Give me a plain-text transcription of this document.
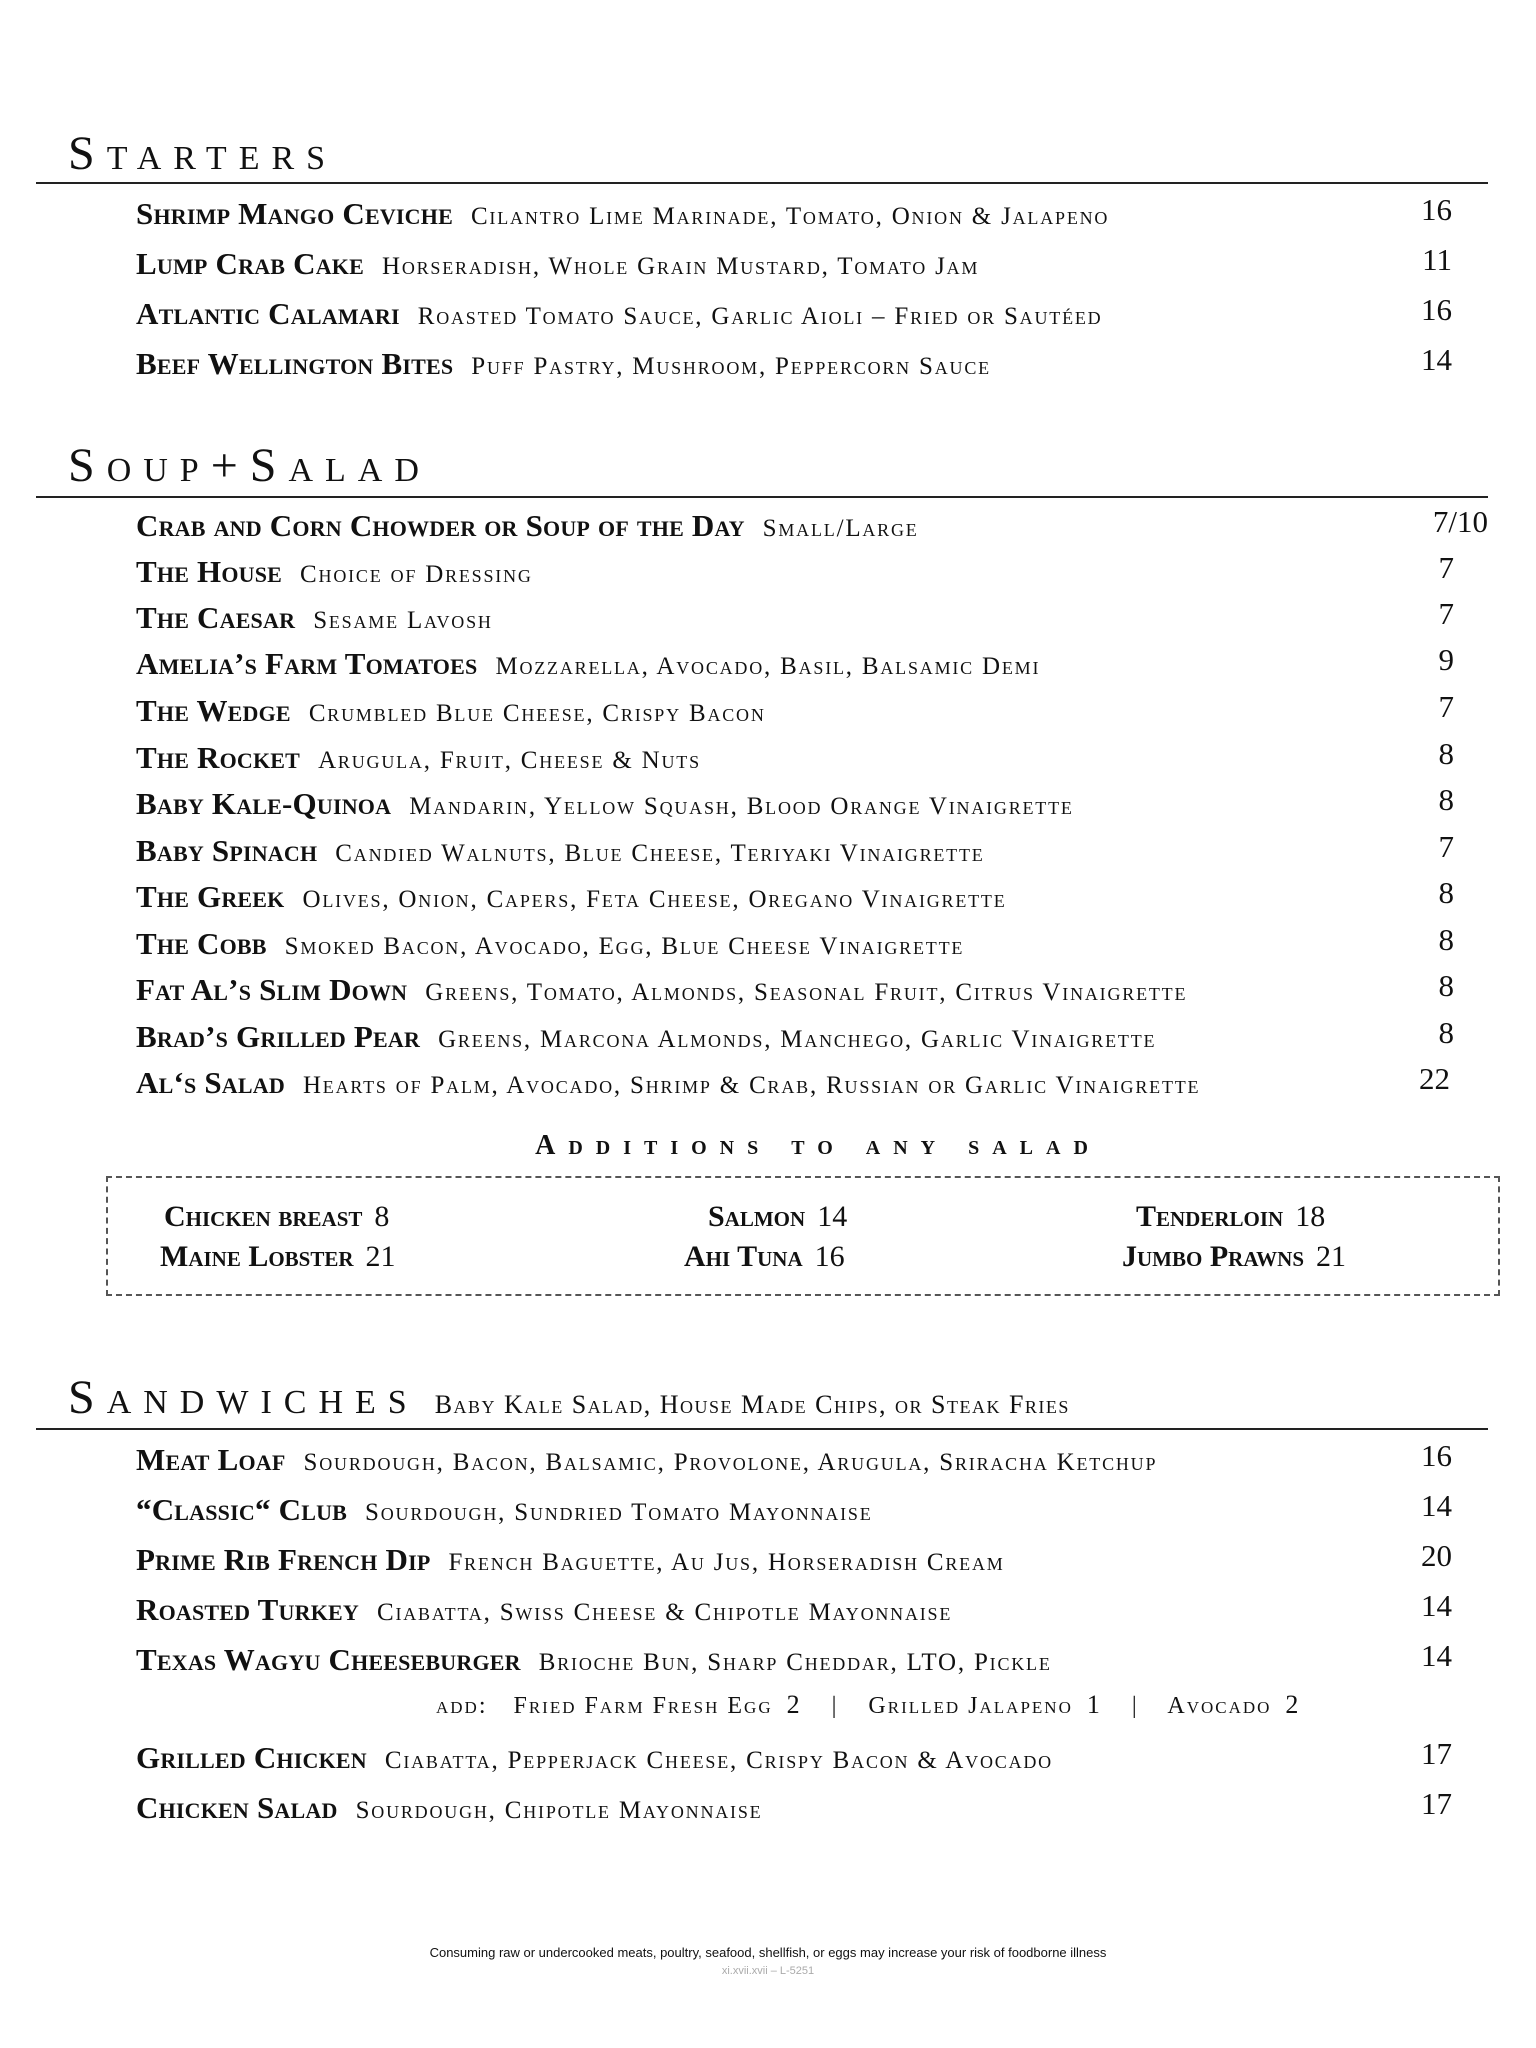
Starters
Shrimp Mango Ceviche Cilantro Lime Marinade, Tomato, Onion & Jalapeno	16
Lump Crab Cake Horseradish, Whole Grain Mustard, Tomato Jam	11
Atlantic Calamari Roasted Tomato Sauce, Garlic Aioli – Fried or Sautéed	16
Beef Wellington Bites Puff Pastry, Mushroom, Peppercorn Sauce	14
Soup+Salad
Crab and Corn Chowder or Soup of the Day Small/Large	7/10
The House Choice of Dressing	7
The Caesar Sesame Lavosh	7
Amelia’s Farm Tomatoes Mozzarella, Avocado, Basil, Balsamic Demi	9
The Wedge Crumbled Blue Cheese, Crispy Bacon	7
The Rocket Arugula, Fruit, Cheese & Nuts	8
Baby Kale-Quinoa Mandarin, Yellow Squash, Blood Orange Vinaigrette	8
Baby Spinach Candied Walnuts, Blue Cheese, Teriyaki Vinaigrette	7
The Greek Olives, Onion, Capers, Feta Cheese, Oregano Vinaigrette	8
The Cobb Smoked Bacon, Avocado, Egg, Blue Cheese Vinaigrette	8
Fat Al’s Slim Down Greens, Tomato, Almonds, Seasonal Fruit, Citrus Vinaigrette	8
Brad’s Grilled Pear Greens, Marcona Almonds, Manchego, Garlic Vinaigrette	8
Al‘s Salad Hearts of Palm, Avocado, Shrimp & Crab, Russian or Garlic Vinaigrette	22
Additions to any salad
Chicken breast 8	Salmon 14	Tenderloin 18
Maine Lobster 21	Ahi Tuna 16	Jumbo Prawns 21
Sandwiches Baby Kale Salad, House Made Chips, or Steak Fries
Meat Loaf Sourdough, Bacon, Balsamic, Provolone, Arugula, Sriracha Ketchup	16
“Classic“ Club Sourdough, Sundried Tomato Mayonnaise	14
Prime Rib French Dip French Baguette, Au Jus, Horseradish Cream	20
Roasted Turkey Ciabatta, Swiss Cheese & Chipotle Mayonnaise	14
Texas Wagyu Cheeseburger Brioche Bun, Sharp Cheddar, LTO, Pickle	14
add: Fried Farm Fresh Egg 2 | Grilled Jalapeno 1 | Avocado 2
Grilled Chicken Ciabatta, Pepperjack Cheese, Crispy Bacon & Avocado	17
Chicken Salad Sourdough, Chipotle Mayonnaise	17
Consuming raw or undercooked meats, poultry, seafood, shellfish, or eggs may increase your risk of foodborne illness
xi.xvii.xvii – L-5251
